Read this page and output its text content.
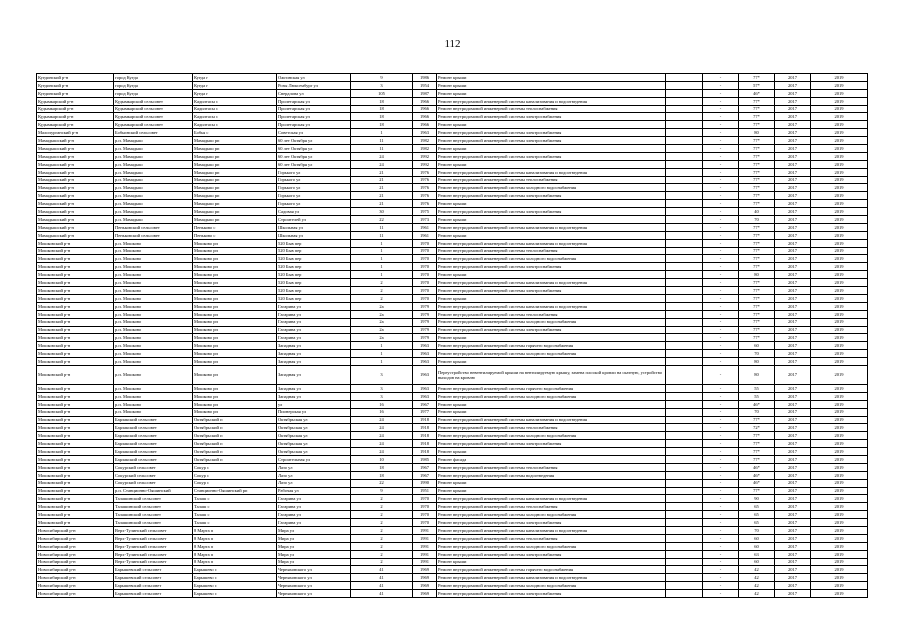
112
Куединский р-н	город Куеда	Куеда г	Ожгинская ул	9	1986	Ремонт крыши		-	77*	2017	2019
Куединский р-н	город Куеда	Куеда г	Розы Люксембург ул	3	1954	Ремонт крыши		-	57*	2017	2019
Куединский р-н	город Куеда	Куеда г	Свердлова ул	105	1987	Ремонт крыши		-	46*	2017	2019
Кудымкарский р-н	Кудымкарский сельсовет	Кадилтасы с	Пролетарская ул	18	1966	Ремонт внутридомовой инженерной системы канализования и водоотведения		-	77*	2017	2019
Кудымкарский р-н	Кудымкарский сельсовет	Кадилтасы с	Пролетарская ул	18	1966	Ремонт внутридомовой инженерной системы теплоснабжения		-	77*	2017	2019
Кудымкарский р-н	Кудымкарский сельсовет	Кадилтасы с	Пролетарская ул	18	1966	Ремонт внутридомовой инженерной системы электроснабжения		-	77*	2017	2019
Кудымкарский р-н	Кудымкарский сельсовет	Кадилтасы с	Пролетарская ул	18	1966	Ремонт крыши		-	77*	2017	2019
Малопурганский р-н	Бобьинский сельсовет	Бобья с	Советская ул	1	1963	Ремонт внутридомовой инженерной системы электроснабжения		-	80	2017	2019
Мамадышский р-н	р.п. Мамадыш	Мамадыш рп	60 лет Октября ул	11	1982	Ремонт внутридомовой инженерной системы электроснабжения		-	77*	2017	2019
Мамадышский р-н	р.п. Мамадыш	Мамадыш рп	60 лет Октября ул	11	1982	Ремонт крыши		-	77*	2017	2019
Мамадышский р-н	р.п. Мамадыш	Мамадыш рп	60 лет Октября ул	24	1992	Ремонт внутридомовой инженерной системы электроснабжения		-	77*	2017	2019
Мамадышский р-н	р.п. Мамадыш	Мамадыш рп	60 лет Октября ул	24	1992	Ремонт крыши		-	77*	2017	2019
Мамадышский р-н	р.п. Мамадыш	Мамадыш рп	Горького ул	21	1976	Ремонт внутридомовой инженерной системы канализования и водоотведения		-	77*	2017	2019
Мамадышский р-н	р.п. Мамадыш	Мамадыш рп	Горького ул	21	1976	Ремонт внутридомовой инженерной системы теплоснабжения		-	77*	2017	2019
Мамадышский р-н	р.п. Мамадыш	Мамадыш рп	Горького ул	21	1976	Ремонт внутридомовой инженерной системы холодного водоснабжения		-	77*	2017	2019
Мамадышский р-н	р.п. Мамадыш	Мамадыш рп	Горького ул	21	1976	Ремонт внутридомовой инженерной системы электроснабжения		-	77*	2017	2019
Мамадышский р-н	р.п. Мамадыш	Мамадыш рп	Горького ул	21	1976	Ремонт крыши		-	77*	2017	2019
Мамадышский р-н	р.п. Мамадыш	Мамадыш рп	Садовая ул	30	1975	Ремонт внутридомовой инженерной системы электроснабжения		-	40	2017	2019
Мамадышский р-н	р.п. Мамадыш	Мамадыш рп	Строителей ул	22	1973	Ремонт крыши		-	70	2017	2019
Мамадышский р-н	Пеньковский сельсовет	Пеньково с	Школьная ул	11	1961	Ремонт внутридомовой инженерной системы канализования и водоотведения		-	77*	2017	2019
Мамадышский р-н	Пеньковский сельсовет	Пеньково с	Школьная ул	11	1961	Ремонт крыши		-	77*	2017	2019
Мошковский р-н	р.п. Мошково	Мошково рп	520 Быв пер	1	1970	Ремонт внутридомовой инженерной системы канализования и водоотведения		-	77*	2017	2019
Мошковский р-н	р.п. Мошково	Мошково рп	520 Быв пер	1	1970	Ремонт внутридомовой инженерной системы теплоснабжения		-	77*	2017	2019
Мошковский р-н	р.п. Мошково	Мошково рп	520 Быв пер	1	1970	Ремонт внутридомовой инженерной системы холодного водоснабжения		-	77*	2017	2019
Мошковский р-н	р.п. Мошково	Мошково рп	520 Быв пер	1	1970	Ремонт внутридомовой инженерной системы электроснабжения		-	77*	2017	2019
Мошковский р-н	р.п. Мошково	Мошково рп	520 Быв пер	1	1970	Ремонт крыши		-	80	2017	2019
Мошковский р-н	р.п. Мошково	Мошково рп	520 Быв пер	2	1970	Ремонт внутридомовой инженерной системы канализования и водоотведения		-	77*	2017	2019
Мошковский р-н	р.п. Мошково	Мошково рп	520 Быв пер	2	1970	Ремонт внутридомовой инженерной системы электроснабжения		-	77*	2017	2019
Мошковский р-н	р.п. Мошково	Мошково рп	520 Быв пер	2	1970	Ремонт крыши		-	77*	2017	2019
Мошковский р-н	р.п. Мошково	Мошково рп	Гагарина ул	2а	1979	Ремонт внутридомовой инженерной системы канализования и водоотведения		-	77*	2017	2019
Мошковский р-н	р.п. Мошково	Мошково рп	Гагарина ул	2а	1979	Ремонт внутридомовой инженерной системы теплоснабжения		-	77*	2017	2019
Мошковский р-н	р.п. Мошково	Мошково рп	Гагарина ул	2а	1979	Ремонт внутридомовой инженерной системы холодного водоснабжения		-	77*	2017	2019
Мошковский р-н	р.п. Мошково	Мошково рп	Гагарина ул	2а	1979	Ремонт внутридомовой инженерной системы электроснабжения		-	77*	2017	2019
Мошковский р-н	р.п. Мошково	Мошково рп	Гагарина ул	2а	1979	Ремонт крыши		-	77*	2017	2019
Мошковский р-н	р.п. Мошково	Мошково рп	Западная ул	1	1963	Ремонт внутридомовой инженерной системы горячего водоснабжения		-	60	2017	2019
Мошковский р-н	р.п. Мошково	Мошково рп	Западная ул	1	1963	Ремонт внутридомовой инженерной системы холодного водоснабжения		-	70	2017	2019
Мошковский р-н	р.п. Мошково	Мошково рп	Западная ул	1	1963	Ремонт крыши		-	80	2017	2019
Мошковский р-н	р.п. Мошково	Мошково рп	Западная ул	3	1963	Переустройство невентилируемой крыши на вентилируемую крышу, замена плоской кровли на скатную, устройство выходов на кровлю		-	80	2017	2019
Мошковский р-н	р.п. Мошково	Мошково рп	Западная ул	3	1963	Ремонт внутридомовой инженерной системы горячего водоснабжения		-	55	2017	2019
Мошковский р-н	р.п. Мошково	Мошково рп	Западная ул	3	1963	Ремонт внутридомовой инженерной системы холодного водоснабжения		-	55	2017	2019
Мошковский р-н	р.п. Мошково	Мошково рп	ул	16	1967	Ремонт крыши		-	46*	2017	2019
Мошковский р-н	р.п. Мошково	Мошково рп	Пионерская ул	16	1977	Ремонт крыши		-	70	2017	2019
Мошковский р-н	Барлакский сельсовет	Октябрьский п	Октябрьская ул	24	1918	Ремонт внутридомовой инженерной системы канализования и водоотведения		-	77*	2017	2019
Мошковский р-н	Барлакский сельсовет	Октябрьский п	Октябрьская ул	24	1918	Ремонт внутридомовой инженерной системы теплоснабжения		-	72*	2017	2019
Мошковский р-н	Барлакский сельсовет	Октябрьский п	Октябрьская ул	24	1918	Ремонт внутридомовой инженерной системы холодного водоснабжения		-	77*	2017	2019
Мошковский р-н	Барлакский сельсовет	Октябрьский п	Октябрьская ул	24	1918	Ремонт внутридомовой инженерной системы электроснабжения		-	77*	2017	2019
Мошковский р-н	Барлакский сельсовет	Октябрьский п	Октябрьская ул	24	1918	Ремонт крыши		-	77*	2017	2019
Мошковский р-н	Барлакский сельсовет	Октябрьский п	Строительная ул	10	1985	Ремонт фасада		-	77*	2017	2019
Мошковский р-н	Сокурский сельсовет	Сокур с	Лазо ул	18	1967	Ремонт внутридомовой инженерной системы теплоснабжения		-	46*	2017	2019
Мошковский р-н	Сокурский сельсовет	Сокур с	Лазо ул	18	1967	Ремонт внутридомовой инженерной системы водоотведения		-	46*	2017	2019
Мошковский р-н	Сокурский сельсовет	Сокур с	Лазо ул	22	1990	Ремонт крыши		-	46*	2017	2019
Мошковский р-н	р.п. Станционно-Ояшинский	Станционно-Ояшинский рп	Рабочая ул	9	1951	Ремонт крыши		-	77*	2017	2019
Мошковский р-н	Талашинский сельсовет	Талаш с	Гагарина ул	2	1970	Ремонт внутридомовой инженерной системы канализования и водоотведения		-	90	2017	2019
Мошковский р-н	Талашинский сельсовет	Талаш с	Гагарина ул	2	1970	Ремонт внутридомовой инженерной системы теплоснабжения		-	65	2017	2019
Мошковский р-н	Талашинский сельсовет	Талаш с	Гагарина ул	2	1970	Ремонт внутридомовой инженерной системы холодного водоснабжения		-	65	2017	2019
Мошковский р-н	Талашинский сельсовет	Талаш с	Гагарина ул	2	1970	Ремонт внутридомовой инженерной системы электроснабжения		-	65	2017	2019
Новосибирский р-н	Верх-Тулинский сельсовет	8 Марта п	Мира ул	2	1991	Ремонт внутридомовой инженерной системы канализования и водоотведения		-	70	2017	2019
Новосибирский р-н	Верх-Тулинский сельсовет	8 Марта п	Мира ул	2	1991	Ремонт внутридомовой инженерной системы теплоснабжения		-	60	2017	2019
Новосибирский р-н	Верх-Тулинский сельсовет	8 Марта п	Мира ул	2	1991	Ремонт внутридомовой инженерной системы холодного водоснабжения		-	60	2017	2019
Новосибирский р-н	Верх-Тулинский сельсовет	8 Марта п	Мира ул	2	1991	Ремонт внутридомовой инженерной системы электроснабжения		-	63	2017	2019
Новосибирский р-н	Верх-Тулинский сельсовет	8 Марта п	Мира ул	2	1991	Ремонт крыши		-	60	2017	2019
Новосибирский р-н	Барышевский сельсовет	Барышево с	Черняховского ул	41	1969	Ремонт внутридомовой инженерной системы горячего водоснабжения		-	42	2017	2019
Новосибирский р-н	Барышевский сельсовет	Барышево с	Черняховского ул	41	1969	Ремонт внутридомовой инженерной системы канализования и водоотведения		-	42	2017	2019
Новосибирский р-н	Барышевский сельсовет	Барышево с	Черняховского ул	41	1969	Ремонт внутридомовой инженерной системы холодного водоснабжения		-	42	2017	2019
Новосибирский р-н	Барышевский сельсовет	Барышево с	Черняховского ул	41	1969	Ремонт внутридомовой инженерной системы электроснабжения		-	42	2017	2019
